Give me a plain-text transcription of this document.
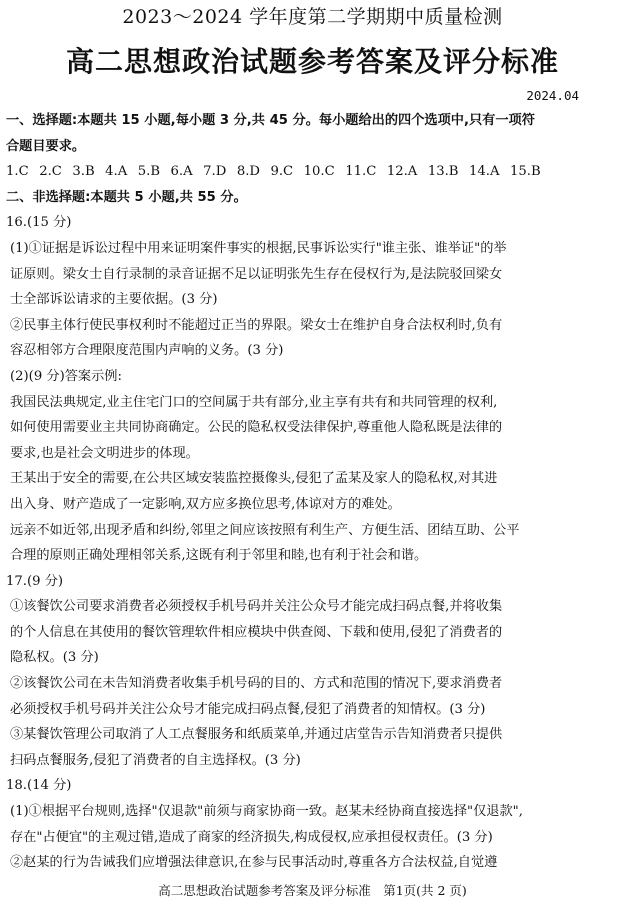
2023～2024 学年度第二学期期中质量检测
高二思想政治试题参考答案及评分标准
2024.04
一、选择题:本题共 15 小题,每小题 3 分,共 45 分。每小题给出的四个选项中,只有一项符
合题目要求。
1.C 2.C 3.B 4.A 5.B 6.A 7.D 8.D 9.C 10.C 11.C 12.A 13.B 14.A 15.B
二、非选择题:本题共 5 小题,共 55 分。
16.(15 分)
(1)①证据是诉讼过程中用来证明案件事实的根据,民事诉讼实行"谁主张、谁举证"的举
证原则。梁女士自行录制的录音证据不足以证明张先生存在侵权行为,是法院驳回梁女
士全部诉讼请求的主要依据。(3 分)
②民事主体行使民事权利时不能超过正当的界限。梁女士在维护自身合法权利时,负有
容忍相邻方合理限度范围内声响的义务。(3 分)
(2)(9 分)答案示例:
我国民法典规定,业主住宅门口的空间属于共有部分,业主享有共有和共同管理的权利,
如何使用需要业主共同协商确定。公民的隐私权受法律保护,尊重他人隐私既是法律的
要求,也是社会文明进步的体现。
王某出于安全的需要,在公共区域安装监控摄像头,侵犯了孟某及家人的隐私权,对其进
出入身、财产造成了一定影响,双方应多换位思考,体谅对方的难处。
远亲不如近邻,出现矛盾和纠纷,邻里之间应该按照有利生产、方便生活、团结互助、公平
合理的原则正确处理相邻关系,这既有利于邻里和睦,也有利于社会和谐。
17.(9 分)
①该餐饮公司要求消费者必须授权手机号码并关注公众号才能完成扫码点餐,并将收集
的个人信息在其使用的餐饮管理软件相应模块中供查阅、下载和使用,侵犯了消费者的
隐私权。(3 分)
②该餐饮公司在未告知消费者收集手机号码的目的、方式和范围的情况下,要求消费者
必须授权手机号码并关注公众号才能完成扫码点餐,侵犯了消费者的知情权。(3 分)
③某餐饮管理公司取消了人工点餐服务和纸质菜单,并通过店堂告示告知消费者只提供
扫码点餐服务,侵犯了消费者的自主选择权。(3 分)
18.(14 分)
(1)①根据平台规则,选择"仅退款"前须与商家协商一致。赵某未经协商直接选择"仅退款",
存在"占便宜"的主观过错,造成了商家的经济损失,构成侵权,应承担侵权责任。(3 分)
②赵某的行为告诫我们应增强法律意识,在参与民事活动时,尊重各方合法权益,自觉遵
高二思想政治试题参考答案及评分标准　第1页(共 2 页)
